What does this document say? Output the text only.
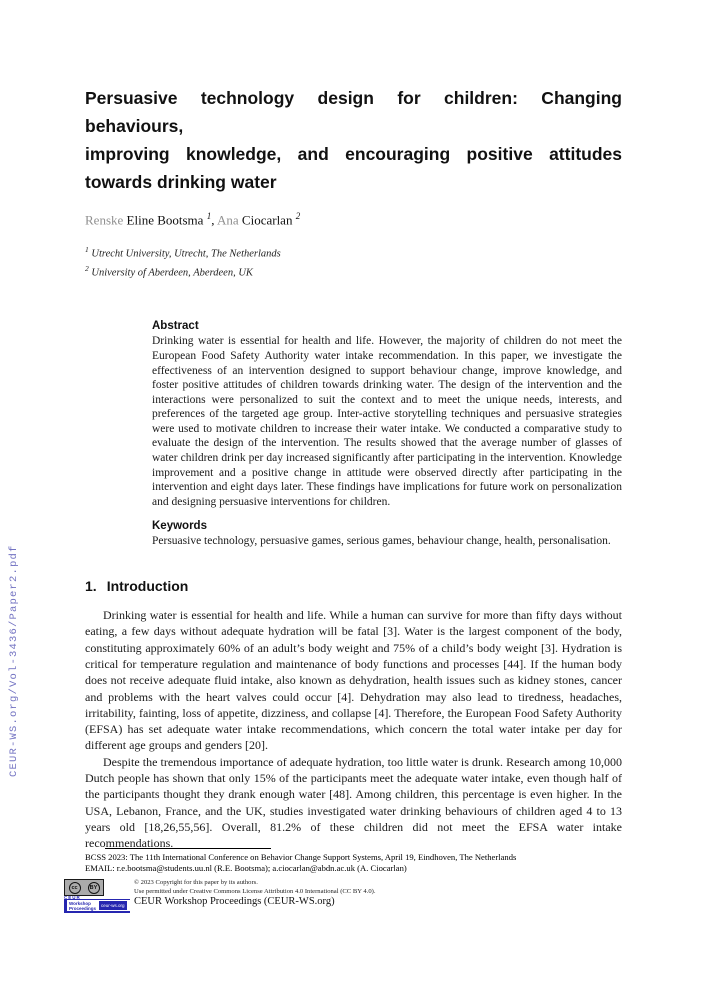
CEUR-WS.org/Vol-3436/Paper2.pdf
Persuasive technology design for children: Changing behaviours,
improving knowledge, and encouraging positive attitudes
towards drinking water
Renske Eline Bootsma $^1$, Ana Ciocarlan $^2$
$^1$ Utrecht University, Utrecht, The Netherlands
$^2$ University of Aberdeen, Aberdeen, UK
Abstract

Drinking water is essential for health and life. However, the majority of children do not meet the European Food Safety Authority water intake recommendation. In this paper, we investigate the effectiveness of an intervention designed to support behaviour change, improve knowledge, and foster positive attitudes of children towards drinking water. The design of the intervention and the interactions were personalized to suit the context and to meet the unique needs, interests, and preferences of the targeted age group. Inter-active storytelling techniques and persuasive strategies were used to motivate children to increase their water intake. We conducted a comparative study to evaluate the design of the intervention. The results showed that the average number of glasses of water children drink per day increased significantly after participating in the intervention. Knowledge improvement and a positive change in attitude were observed directly after participating in the intervention and eight days later. These findings have implications for future work on personalization and designing persuasive interventions for children.

Keywords

Persuasive technology, persuasive games, serious games, behaviour change, health, personalisation.

1. Introduction

Drinking water is essential for health and life. While a human can survive for more than fifty days without eating, a few days without adequate hydration will be fatal [3]. Water is the largest component of the body, constituting approximately 60% of an adult’s body weight and 75% of a child’s body weight [3]. Hydration is critical for temperature regulation and maintenance of body functions and processes [44]. If the human body does not receive adequate fluid intake, also known as dehydration, health issues such as kidney stones, cancer and problems with the heart valves could occur [4]. Dehydration may also lead to tiredness, headaches, irritability, fainting, loss of appetite, dizziness, and collapse [4]. Therefore, the European Food Safety Authority (EFSA) has set adequate water intake recommendations, which concern the total water intake per day for different age groups and genders [20].

Despite the tremendous importance of adequate hydration, too little water is drunk. Research among 10,000 Dutch people has shown that only 15% of the participants meet the adequate water intake, even though half of the participants thought they drank enough water [48]. Among children, this percentage is even higher. In the USA, Lebanon, France, and the UK, studies investigated water drinking behaviours of children aged 4 to 13 years old [18,26,55,56]. Overall, 81.2% of these children did not meet the EFSA water intake recommendations.

BCSS 2023: The 11th International Conference on Behavior Change Support Systems, April 19, Eindhoven, The Netherlands
EMAIL: r.e.bootsma@students.uu.nl (R.E. Bootsma); a.ciocarlan@abdn.ac.uk (A. Ciocarlan)
cc	BY
CEUR
Workshop Proceedings	ceur-ws.org
© 2023 Copyright for this paper by its authors.
Use permitted under Creative Commons License Attribution 4.0 International (CC BY 4.0).
CEUR Workshop Proceedings (CEUR-WS.org)
